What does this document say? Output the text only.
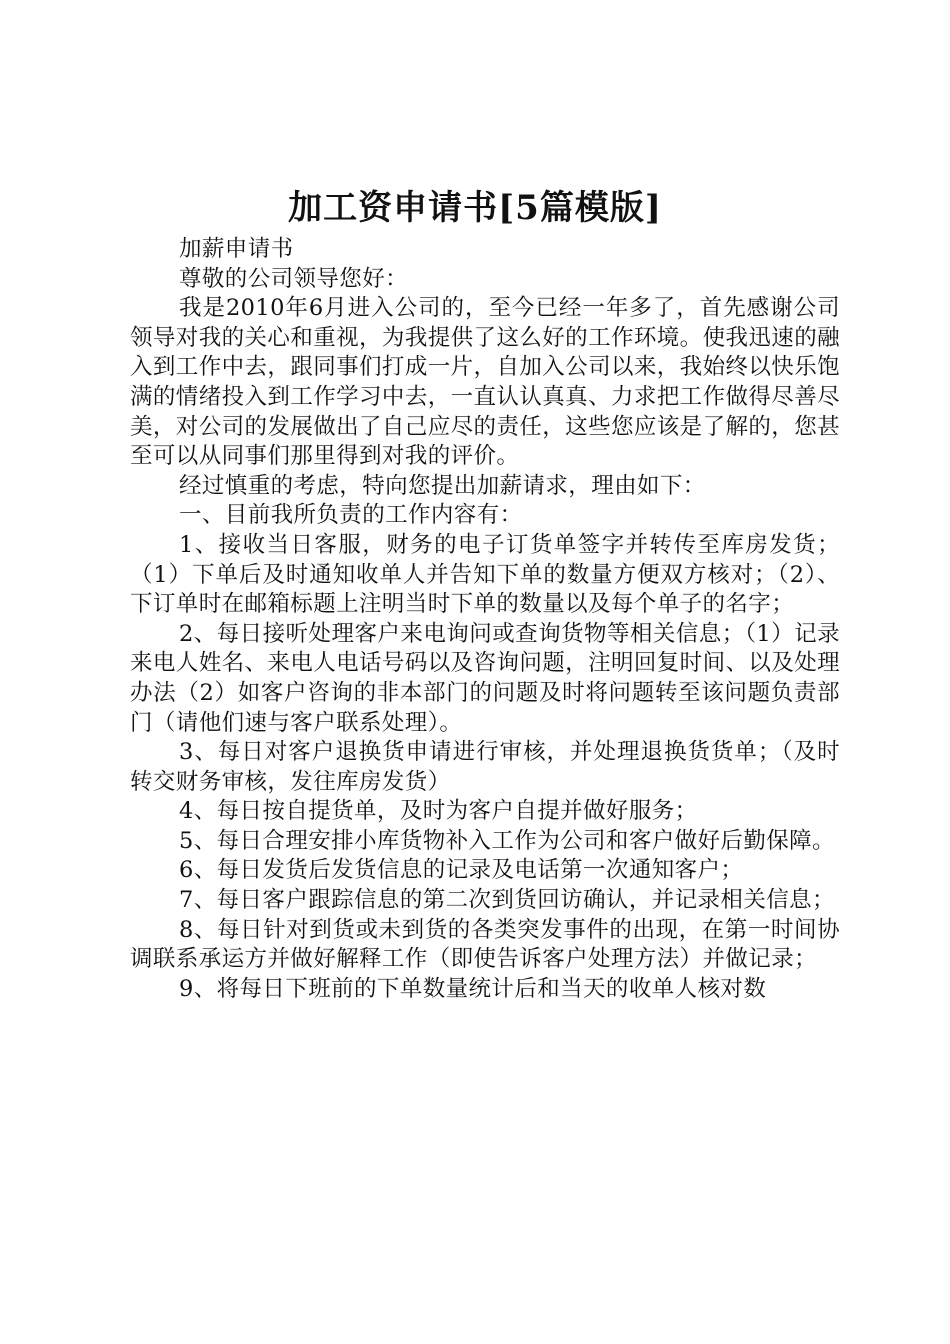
加工资申请书[5篇模版]

加薪申请书

尊敬的公司领导您好：

我是2010年6月进入公司的，至今已经一年多了，首先感谢公司领导对我的关心和重视，为我提供了这么好的工作环境。使我迅速的融入到工作中去，跟同事们打成一片，自加入公司以来，我始终以快乐饱满的情绪投入到工作学习中去，一直认认真真、力求把工作做得尽善尽美，对公司的发展做出了自己应尽的责任，这些您应该是了解的，您甚至可以从同事们那里得到对我的评价。

经过慎重的考虑，特向您提出加薪请求，理由如下：

一、目前我所负责的工作内容有：

1、接收当日客服，财务的电子订货单签字并转传至库房发货；（1）下单后及时通知收单人并告知下单的数量方便双方核对；（2）、下订单时在邮箱标题上注明当时下单的数量以及每个单子的名字；

2、每日接听处理客户来电询问或查询货物等相关信息；（1）记录来电人姓名、来电人电话号码以及咨询问题，注明回复时间、以及处理办法（2）如客户咨询的非本部门的问题及时将问题转至该问题负责部门（请他们速与客户联系处理）。

3、每日对客户退换货申请进行审核，并处理退换货货单；（及时转交财务审核，发往库房发货）

4、每日按自提货单，及时为客户自提并做好服务；

5、每日合理安排小库货物补入工作为公司和客户做好后勤保障。

6、每日发货后发货信息的记录及电话第一次通知客户；

7、每日客户跟踪信息的第二次到货回访确认，并记录相关信息；

8、每日针对到货或未到货的各类突发事件的出现，在第一时间协调联系承运方并做好解释工作（即使告诉客户处理方法）并做记录；

9、将每日下班前的下单数量统计后和当天的收单人核对数
